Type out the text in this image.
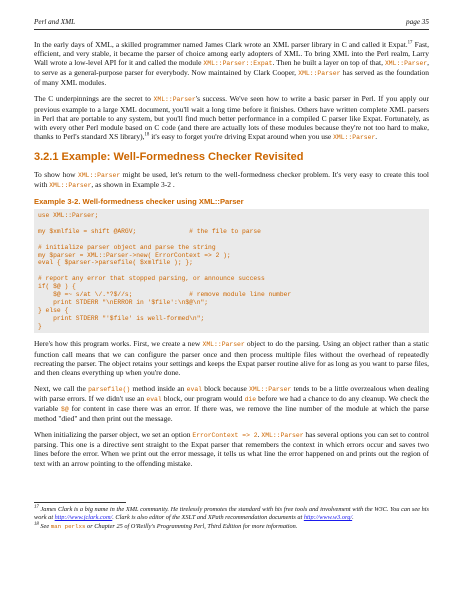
Perl and XML	page 35

In the early days of XML, a skilled programmer named James Clark wrote an XML parser library in C and called it Expat.$^{17}$ Fast, efficient, and very stable, it became the parser of choice among early adopters of XML. To bring XML into the Perl realm, Larry Wall wrote a low-level API for it and called the module XML::Parser::Expat. Then he built a layer on top of that, XML::Parser, to serve as a general-purpose parser for everybody. Now maintained by Clark Cooper, XML::Parser has served as the foundation of many XML modules.

The C underpinnings are the secret to XML::Parser's success. We've seen how to write a basic parser in Perl. If you apply our previous example to a large XML document, you'll wait a long time before it finishes. Others have written complete XML parsers in Perl that are portable to any system, but you'll find much better performance in a compiled C parser like Expat. Fortunately, as with every other Perl module based on C code (and there are actually lots of these modules because they're not too hard to make, thanks to Perl's standard XS library),$^{18}$ it's easy to forget you're driving Expat around when you use XML::Parser.

3.2.1 Example: Well-Formedness Checker Revisited

To show how XML::Parser might be used, let's return to the well-formedness checker problem. It's very easy to create this tool with XML::Parser, as shown in Example 3-2 .

Example 3-2. Well-formedness checker using XML::Parser
use XML::Parser;
my $xmlfile = shift @ARGV;              # the file to parse
# initialize parser object and parse the string
my $parser = XML::Parser->new( ErrorContext => 2 );
eval { $parser->parsefile( $xmlfile ); };
# report any error that stopped parsing, or announce success
if( $@ ) {
$@ =~ s/at \/.*?$//s;               # remove module line number
print STDERR "\nERROR in '$file':\n$@\n";
} else {
print STDERR "'$file' is well-formed\n";
}

Here's how this program works. First, we create a new XML::Parser object to do the parsing. Using an object rather than a static function call means that we can configure the parser once and then process multiple files without the overhead of repeatedly recreating the parser. The object retains your settings and keeps the Expat parser routine alive for as long as you want to parse files, and then cleans everything up when you're done.

Next, we call the parsefile() method inside an eval block because XML::Parser tends to be a little overzealous when dealing with parse errors. If we didn't use an eval block, our program would die before we had a chance to do any cleanup. We check the variable $@ for content in case there was an error. If there was, we remove the line number of the module at which the parse method "died" and then print out the message.

When initializing the parser object, we set an option ErrorContext => 2. XML::Parser has several options you can set to control parsing. This one is a directive sent straight to the Expat parser that remembers the context in which errors occur and saves two lines before the error. When we print out the error message, it tells us what line the error happened on and prints out the region of text with an arrow pointing to the offending mistake.

$^{17}$ James Clark is a big name in the XML community. He tirelessly promotes the standard with his free tools and involvement with the W3C. You can see his work at http://www.jclark.com/. Clark is also editor of the XSLT and XPath recommendation documents at http://www.w3.org/.

$^{18}$ See man perlxs or Chapter 25 of O'Reilly's Programming Perl, Third Edition for more information.
